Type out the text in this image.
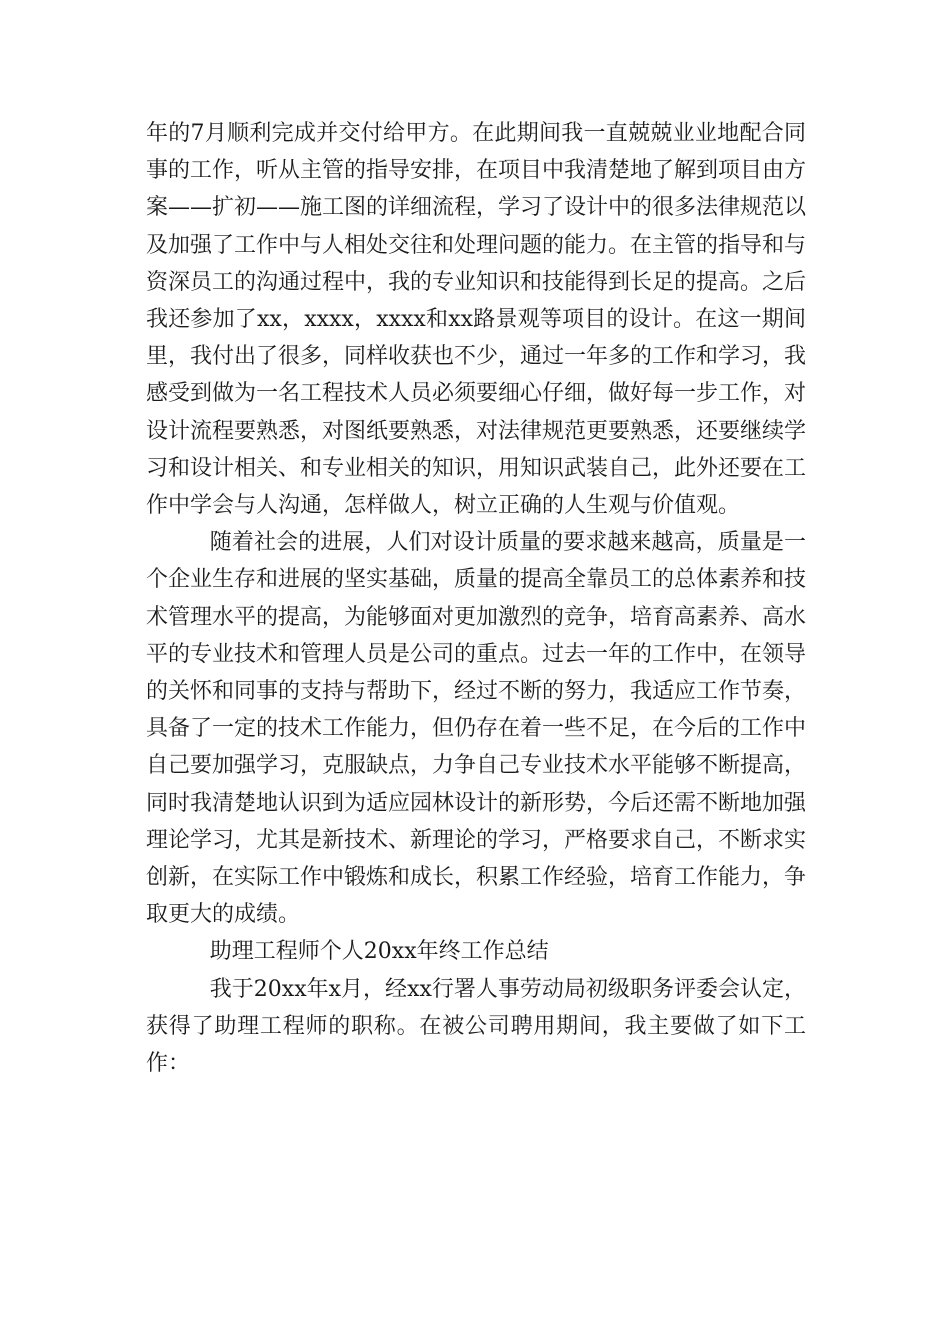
年的7月顺利完成并交付给甲方。在此期间我一直兢兢业业地配合同事的工作，听从主管的指导安排，在项目中我清楚地了解到项目由方案——扩初——施工图的详细流程，学习了设计中的很多法律规范以及加强了工作中与人相处交往和处理问题的能力。在主管的指导和与资深员工的沟通过程中，我的专业知识和技能得到长足的提高。之后我还参加了xx，xxxx，xxxx和xx路景观等项目的设计。在这一期间里，我付出了很多，同样收获也不少，通过一年多的工作和学习，我感受到做为一名工程技术人员必须要细心仔细，做好每一步工作，对设计流程要熟悉，对图纸要熟悉，对法律规范更要熟悉，还要继续学习和设计相关、和专业相关的知识，用知识武装自己，此外还要在工作中学会与人沟通，怎样做人，树立正确的人生观与价值观。

随着社会的进展，人们对设计质量的要求越来越高，质量是一个企业生存和进展的坚实基础，质量的提高全靠员工的总体素养和技术管理水平的提高，为能够面对更加激烈的竞争，培育高素养、高水平的专业技术和管理人员是公司的重点。过去一年的工作中，在领导的关怀和同事的支持与帮助下，经过不断的努力，我适应工作节奏，具备了一定的技术工作能力，但仍存在着一些不足，在今后的工作中自己要加强学习，克服缺点，力争自己专业技术水平能够不断提高，同时我清楚地认识到为适应园林设计的新形势，今后还需不断地加强理论学习，尤其是新技术、新理论的学习，严格要求自己，不断求实创新，在实际工作中锻炼和成长，积累工作经验，培育工作能力，争取更大的成绩。

助理工程师个人20xx年终工作总结

我于20xx年x月，经xx行署人事劳动局初级职务评委会认定，获得了助理工程师的职称。在被公司聘用期间，我主要做了如下工作：
